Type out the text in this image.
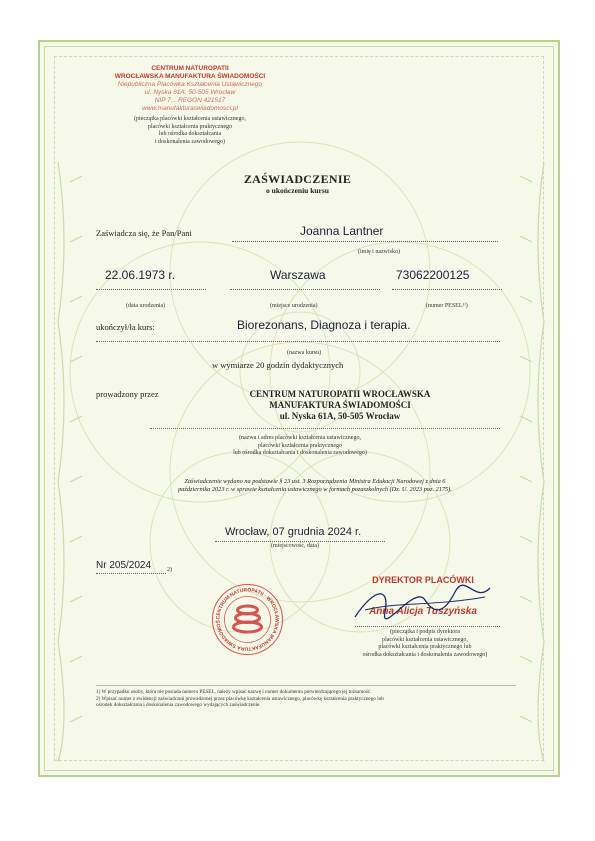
CENTRUM NATUROPATII
WROCŁAWSKA MANUFAKTURA ŚWIADOMOŚCI
Niepubliczna Placówka Kształcenia Ustawicznego
ul. Nyska 61A, 50-505 Wrocław
NIP 7... REGON 421517
www.manufakturaswiadomosci.pl
(pieczątka placówki kształcenia ustawicznego,
placówki kształcenia praktycznego
lub ośrodka dokształcania
i doskonalenia zawodowego)
ZAŚWIADCZENIE
o ukończeniu kursu
Zaświadcza się, że Pan/Pani	Joanna Lantner
(imię i nazwisko)
22.06.1973 r.	Warszawa	73062200125
(data urodzenia)	(miejsce urodzenia)	(numer PESEL¹⁾)
ukończył/ła kurs:	Biorezonans, Diagnoza i terapia.
(nazwa kursu)
w wymiarze 20 godzin dydaktycznych
prowadzony przez	CENTRUM NATUROPATII WROCŁAWSKA
MANUFAKTURA ŚWIADOMOŚCI
ul. Nyska 61A, 50-505 Wrocław
(nazwa i adres placówki kształcenia ustawicznego,
placówki kształcenia praktycznego
lub ośrodka dokształcania i doskonalenia zawodowego)
Zaświadczenie wydano na podstawie § 23 ust. 3 Rozporządzenia Ministra Edukacji Narodowej z dnia 6
października 2023 r. w sprawie kształcenia ustawicznego w formach pozaszkolnych (Dz. U. 2023 poz. 2175).
Wrocław, 07 grudnia 2024 r.
(miejscowość, data)
Nr 205/2024	2)
CENTRUM NATUROPATII · WROCŁAWSKA MANUFAKTURA ŚWIADOMOŚ
DYREKTOR PLACÓWKI
Anna Alicja Tuszyńska
(pieczątka i podpis dyrektora
placówki kształcenia ustawicznego,
placówki kształcenia praktycznego lub
ośrodka dokształcania i doskonalenia zawodowego)
1) W przypadku osoby, która nie posiada numeru PESEL, należy wpisać nazwę i numer dokumentu potwierdzającego jej tożsamość.
2) Wpisać numer z ewidencji zaświadczeń prowadzonej przez placówkę kształcenia ustawicznego, placówkę kształcenia praktycznego lub
ośrodek dokształcania i doskonalenia zawodowego wydających zaświadczenie.
